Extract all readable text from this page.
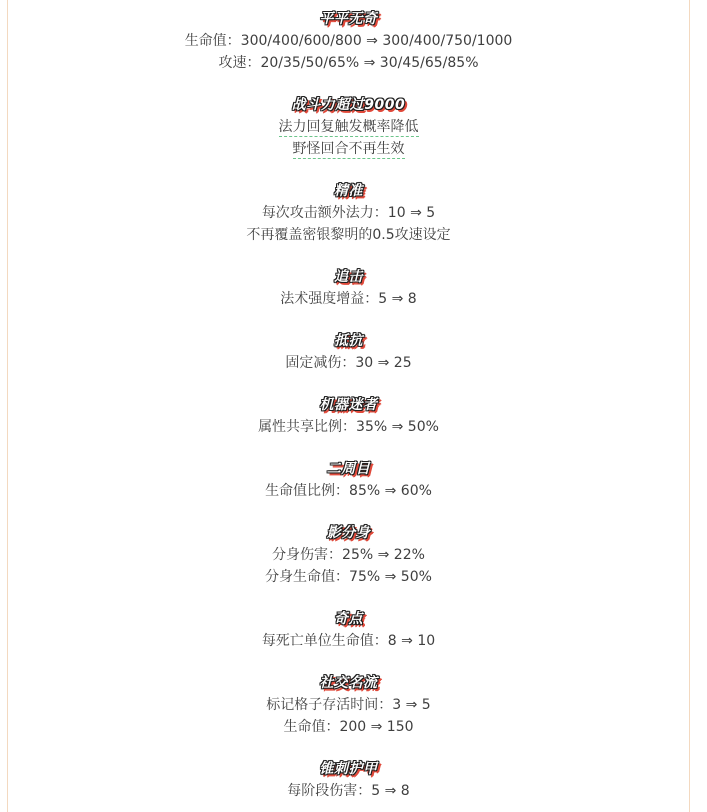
平平无奇
生命值：300/400/600/800 ⇒ 300/400/750/1000
攻速：20/35/50/65% ⇒ 30/45/65/85%
战斗力超过9000
法力回复触发概率降低
野怪回合不再生效
精准
每次攻击额外法力：10 ⇒ 5
不再覆盖密银黎明的0.5攻速设定
追击
法术强度增益：5 ⇒ 8
抵抗
固定减伤：30 ⇒ 25
机器迷者
属性共享比例：35% ⇒ 50%
二周目
生命值比例：85% ⇒ 60%
影分身
分身伤害：25% ⇒ 22%
分身生命值：75% ⇒ 50%
奇点
每死亡单位生命值：8 ⇒ 10
社交名流
标记格子存活时间：3 ⇒ 5
生命值：200 ⇒ 150
锥刺护甲
每阶段伤害：5 ⇒ 8
